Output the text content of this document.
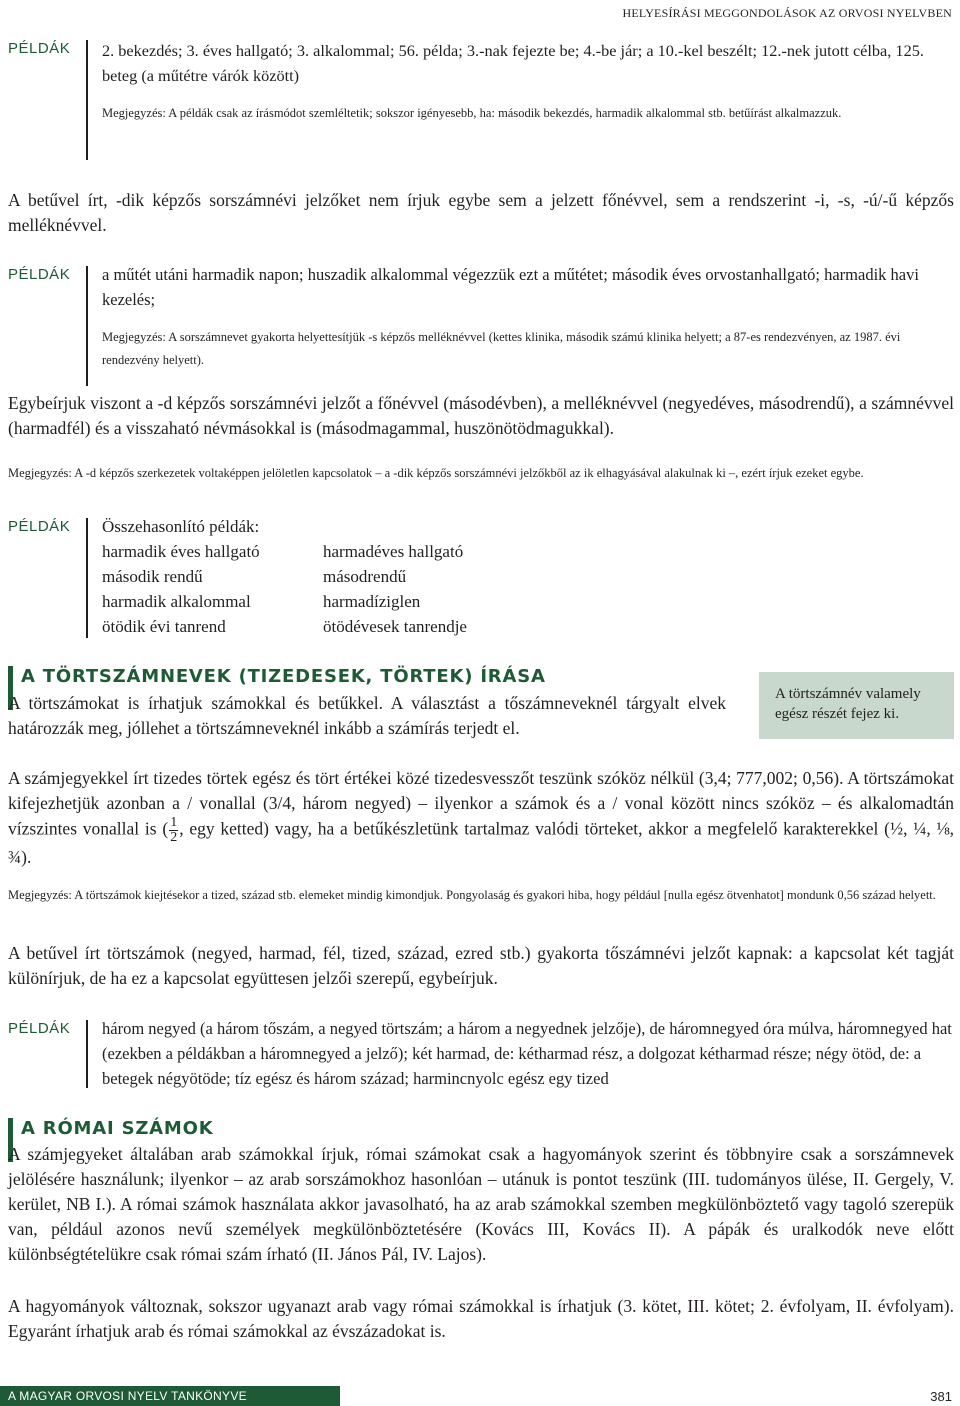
HELYESÍRÁSI MEGGONDOLÁSOK AZ ORVOSI NYELVBEN
PÉLDÁK 2. bekezdés; 3. éves hallgató; 3. alkalommal; 56. példa; 3.-nak fejezte be; 4.-be jár; a 10.-kel beszélt; 12.-nek jutott célba, 125.
beteg (a műtétre várók között)
Megjegyzés: A példák csak az írásmódot szemléltetik; sokszor igényesebb, ha: második bekezdés, harmadik alkalommal stb. betűírást alkalmazzuk.
A betűvel írt, -dik képzős sorszámnévi jelzőket nem írjuk egybe sem a jelzett főnévvel, sem a rendszerint -i, -s, -ú/-ű képzős melléknévvel.
PÉLDÁK a műtét utáni harmadik napon; huszadik alkalommal végezzük ezt a műtétet; második éves orvostanhallgató; harmadik havi kezelés;
Megjegyzés: A sorszámnevet gyakorta helyettesítjük -s képzős melléknévvel (kettes klinika, második számú klinika helyett; a 87-es rendezvényen, az 1987. évi rendezvény helyett).
Egybeírjuk viszont a -d képzős sorszámnévi jelzőt a főnévvel (másodévben), a melléknévvel (negyedéves, másodrendű), a számnévvel (harmadfél) és a visszaható névmásokkal is (másodmagammal, huszönötödmagukkal).
Megjegyzés: A -d képzős szerkezetek voltaképpen jelöletlen kapcsolatok – a -dik képzős sorszámnévi jelzőkből az ik elhagyásával alakulnak ki –, ezért írjuk ezeket egybe.
PÉLDÁK Összehasonlító példák:
harmadik éves hallgató
második rendű
harmadik alkalommal
ötödik évi tanrend
harmadéves hallgató
másodrendű
harmadíziglen
ötödévesek tanrendje
A TÖRTSZÁMNEVEK (TIZEDESEK, TÖRTEK) ÍRÁSA
A törtszámokat is írhatjuk számokkal és betűkkel. A választást a tőszámneveknél tárgyalt elvek határozzák meg, jóllehet a törtszámneveknél inkább a számírás terjedt el.
A törtszámnév valamely egész részét fejez ki.
A számjegyekkel írt tizedes törtek egész és tört értékei közé tizedesvesszőt teszünk szóköz nélkül (3,4; 777,002; 0,56). A törtszámokat kifejezhetjük azonban a / vonallal (3/4, három negyed) – ilyenkor a számok és a / vonal között nincs szóköz – és alkalomadtán vízszintes vonallal is ( $\frac{1}{2}$ , egy ketted) vagy, ha a betűkészletünk tartalmaz valódi törteket, akkor a megfelelő karakterekkel (½, ¼, ⅛, ¾).
Megjegyzés: A törtszámok kiejtésekor a tized, század stb. elemeket mindig kimondjuk. Pongyolaság és gyakori hiba, hogy például [nulla egész ötvenhatot] mondunk 0,56 század helyett.
A betűvel írt törtszámok (negyed, harmad, fél, tized, század, ezred stb.) gyakorta tőszámnévi jelzőt kapnak: a kapcsolat két tagját különírjuk, de ha ez a kapcsolat együttesen jelzői szerepű, egybeírjuk.
PÉLDÁK három negyed (a három tőszám, a negyed törtszám; a három a negyednek jelzője), de háromnegyed óra múlva, háromnegyed hat (ezekben a példákban a háromnegyed a jelző); két harmad, de: kétharmad rész, a dolgozat kétharmad része; négy ötöd, de: a betegek négyötöde; tíz egész és három század; harmincnyolc egész egy tized
A RÓMAI SZÁMOK
A számjegyeket általában arab számokkal írjuk, római számokat csak a hagyományok szerint és többnyire csak a sorszámnevek jelölésére használunk; ilyenkor – az arab sorszámokhoz hasonlóan – utánuk is pontot teszünk (III. tudományos ülése, II. Gergely, V. kerület, NB I.). A római számok használata akkor javasolható, ha az arab számokkal szemben megkülönböztető vagy tagoló szerepük van, például azonos nevű személyek megkülönböztetésére (Kovács III, Kovács II). A pápák és uralkodók neve előtt különbségtételükre csak római szám írható (II. János Pál, IV. Lajos).
A hagyományok változnak, sokszor ugyanazt arab vagy római számokkal is írhatjuk (3. kötet, III. kötet; 2. évfolyam, II. évfolyam). Egyaránt írhatjuk arab és római számokkal az évszázadokat is.
A MAGYAR ORVOSI NYELV TANKÖNYVE	381
